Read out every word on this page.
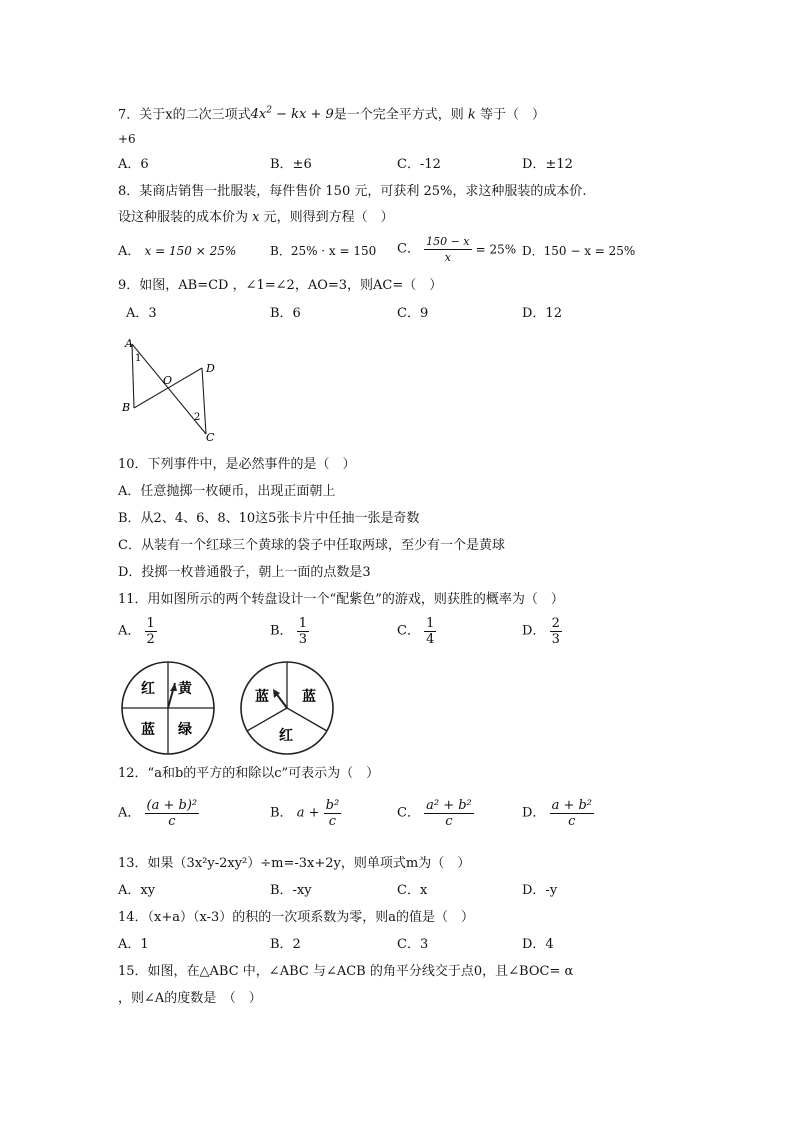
7．关于x的二次三项式$4x^2$ − kx + 9是一个完全平方式，则 k 等于（　）
+6
A．6	B．±6	C．-12	D．±12
8．某商店销售一批服装，每件售价 150 元，可获利 25%，求这种服装的成本价.
设这种服装的成本价为 x 元，则得到方程（　）
A． x = 150 × 25%	B．25% · x = 150 C． $\frac{150 - x}{x} = 25\%$ D．150 − x = 25%
9．如图，AB=CD ，∠1=∠2，AO=3，则AC=（　）
A．3	B．6	C．9	D．12
A
1
B
O
D
2
C
10．下列事件中，是必然事件的是（　）
A．任意抛掷一枚硬币，出现正面朝上
B．从2、4、6、8、10这5张卡片中任抽一张是奇数
C．从装有一个红球三个黄球的袋子中任取两球，至少有一个是黄球
D．投掷一枚普通骰子，朝上一面的点数是3
11．用如图所示的两个转盘设计一个“配紫色”的游戏，则获胜的概率为（　）
A． $\frac{1}{2}$	B． $\frac{1}{3}$	C． $\frac{1}{4}$	D． $\frac{2}{3}$
红 黄
蓝 绿
蓝 蓝
红
12．“a和b的平方的和除以c”可表示为（　）
A． $\frac{\text{(a + b)²}}{c}$	B． $a + \frac{\text{b²}}{c}$	C． $\frac{\text{a² + b²}}{c}$	D． $\frac{\text{a + b²}}{c}$
13．如果（3x²y-2xy²）÷m=-3x+2y，则单项式m为（　）
A．xy	B．-xy	C．x	D．-y
14．（x+a）（x-3）的积的一次项系数为零，则a的值是（　）
A．1	B．2	C．3	D．4
15．如图，在△ABC 中，∠ABC 与∠ACB 的角平分线交于点0，且∠BOC= α
，则∠A的度数是　（　）
